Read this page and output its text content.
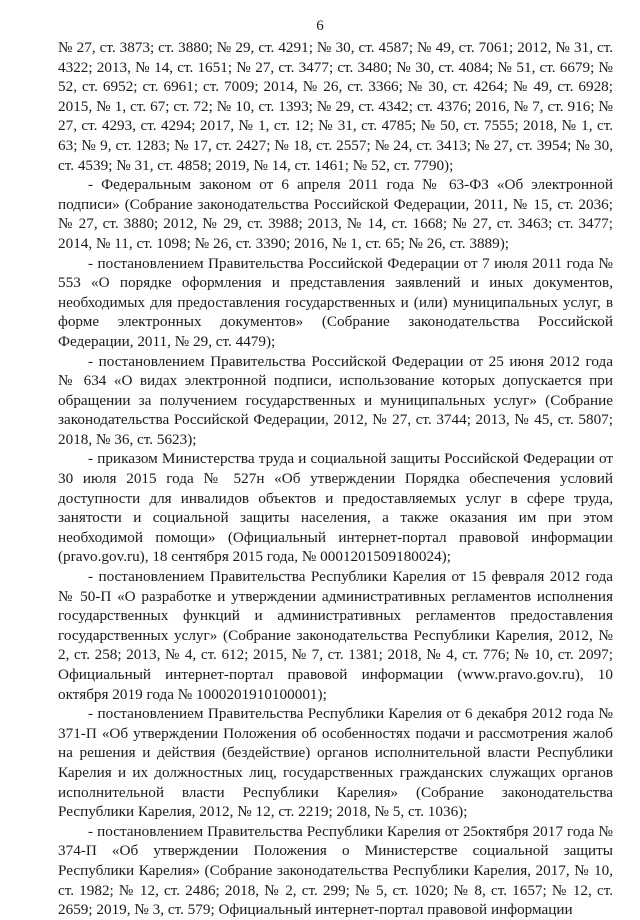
6

№ 27, ст. 3873; ст. 3880; № 29, ст. 4291; № 30, ст. 4587; № 49, ст. 7061; 2012, № 31, ст. 4322; 2013, № 14, ст. 1651; № 27, ст. 3477; ст. 3480; № 30, ст. 4084; № 51, ст. 6679; № 52, ст. 6952; ст. 6961; ст. 7009; 2014, № 26, ст. 3366; № 30, ст. 4264; № 49, ст. 6928; 2015, № 1, ст. 67; ст. 72; № 10, ст. 1393; № 29, ст. 4342; ст. 4376; 2016, № 7, ст. 916; № 27, ст. 4293, ст. 4294; 2017, № 1, ст. 12; № 31, ст. 4785; № 50, ст. 7555; 2018, № 1, ст. 63; № 9, ст. 1283; № 17, ст. 2427; № 18, ст. 2557; № 24, ст. 3413; № 27, ст. 3954; № 30, ст. 4539; № 31, ст. 4858; 2019, № 14, ст. 1461; № 52, ст. 7790);

- Федеральным законом от 6 апреля 2011 года № 63-ФЗ «Об электронной подписи» (Собрание законодательства Российской Федерации, 2011, № 15, ст. 2036; № 27, ст. 3880; 2012, № 29, ст. 3988; 2013, № 14, ст. 1668; № 27, ст. 3463; ст. 3477; 2014, № 11, ст. 1098; № 26, ст. 3390; 2016, № 1, ст. 65; № 26, ст. 3889);

- постановлением Правительства Российской Федерации от 7 июля 2011 года № 553 «О порядке оформления и представления заявлений и иных документов, необходимых для предоставления государственных и (или) муниципальных услуг, в форме электронных документов» (Собрание законодательства Российской Федерации, 2011, № 29, ст. 4479);

- постановлением Правительства Российской Федерации от 25 июня 2012 года № 634 «О видах электронной подписи, использование которых допускается при обращении за получением государственных и муниципальных услуг» (Собрание законодательства Российской Федерации, 2012, № 27, ст. 3744; 2013, № 45, ст. 5807; 2018, № 36, ст. 5623);

- приказом Министерства труда и социальной защиты Российской Федерации от 30 июля 2015 года № 527н «Об утверждении Порядка обеспечения условий доступности для инвалидов объектов и предоставляемых услуг в сфере труда, занятости и социальной защиты населения, а также оказания им при этом необходимой помощи» (Официальный интернет-портал правовой информации (pravo.gov.ru), 18 сентября 2015 года, № 0001201509180024);

- постановлением Правительства Республики Карелия от 15 февраля 2012 года № 50-П «О разработке и утверждении административных регламентов исполнения государственных функций и административных регламентов предоставления государственных услуг» (Собрание законодательства Республики Карелия, 2012, № 2, ст. 258; 2013, № 4, ст. 612; 2015, № 7, ст. 1381; 2018, № 4, ст. 776; № 10, ст. 2097; Официальный интернет-портал правовой информации (www.pravo.gov.ru), 10 октября 2019 года № 1000201910100001);

- постановлением Правительства Республики Карелия от 6 декабря 2012 года № 371-П «Об утверждении Положения об особенностях подачи и рассмотрения жалоб на решения и действия (бездействие) органов исполнительной власти Республики Карелия и их должностных лиц, государственных гражданских служащих органов исполнительной власти Республики Карелия» (Собрание законодательства Республики Карелия, 2012, № 12, ст. 2219; 2018, № 5, ст. 1036);

- постановлением Правительства Республики Карелия от 25октября 2017 года № 374-П «Об утверждении Положения о Министерстве социальной защиты Республики Карелия» (Собрание законодательства Республики Карелия, 2017, № 10, ст. 1982; № 12, ст. 2486; 2018, № 2, ст. 299; № 5, ст. 1020; № 8, ст. 1657; № 12, ст. 2659; 2019, № 3, ст. 579; Официальный интернет-портал правовой информации
